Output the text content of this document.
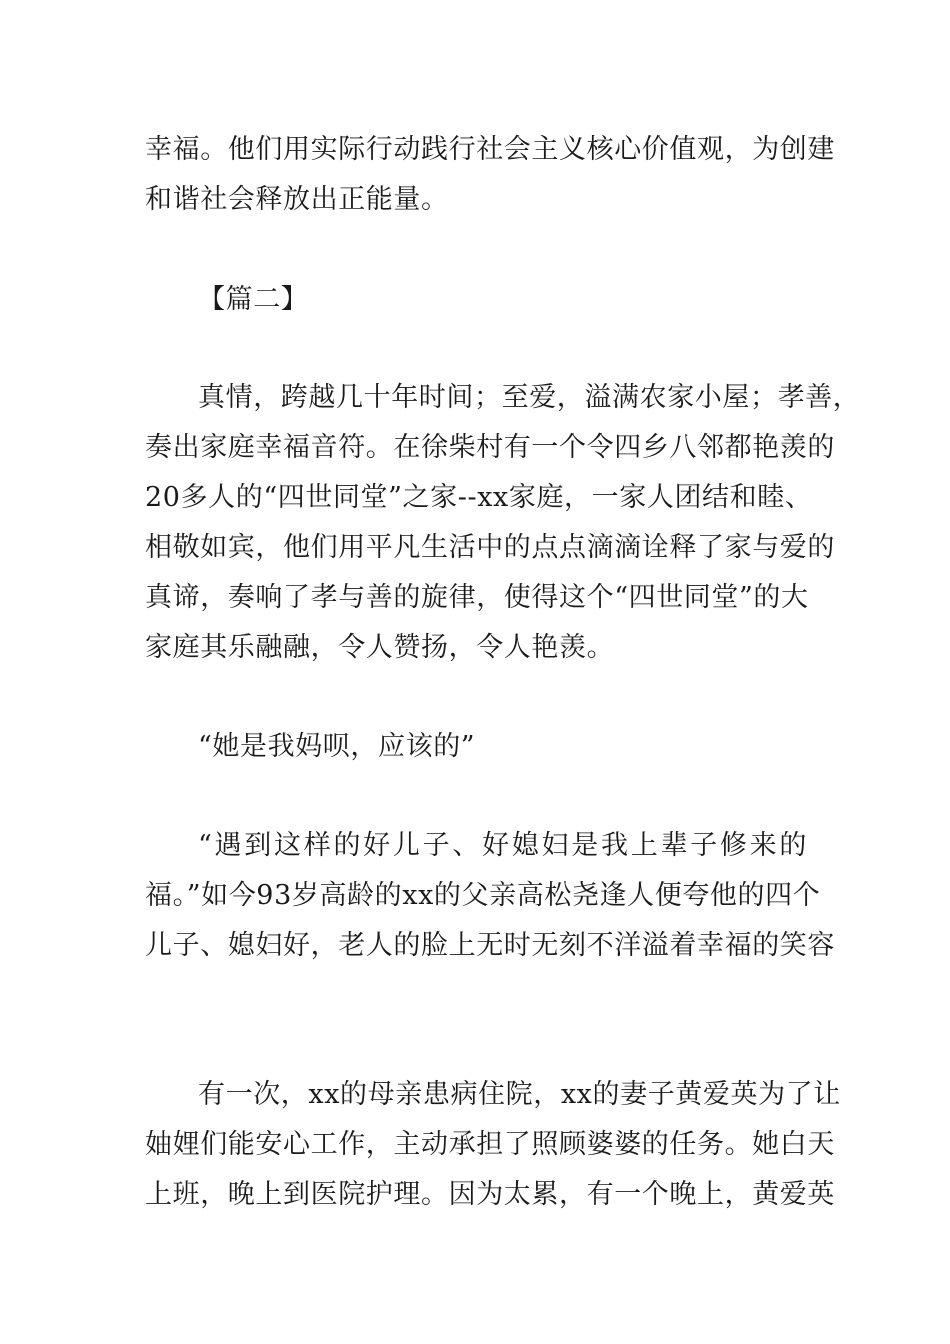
幸福。他们用实际行动践行社会主义核心价值观，为创建
和谐社会释放出正能量。
【篇二】
真情，跨越几十年时间；至爱，溢满农家小屋；孝善，
奏出家庭幸福音符。在徐柴村有一个令四乡八邻都艳羡的
20多人的“四世同堂”之家--xx家庭，一家人团结和睦、
相敬如宾，他们用平凡生活中的点点滴滴诠释了家与爱的
真谛，奏响了孝与善的旋律，使得这个“四世同堂”的大
家庭其乐融融，令人赞扬，令人艳羡。
“她是我妈呗，应该的”
“遇到这样的好儿子、好媳妇是我上辈子修来的
福。”如今93岁高龄的xx的父亲高松尧逢人便夸他的四个
儿子、媳妇好，老人的脸上无时无刻不洋溢着幸福的笑容
有一次，xx的母亲患病住院，xx的妻子黄爱英为了让
妯娌们能安心工作，主动承担了照顾婆婆的任务。她白天
上班，晚上到医院护理。因为太累，有一个晚上，黄爱英
